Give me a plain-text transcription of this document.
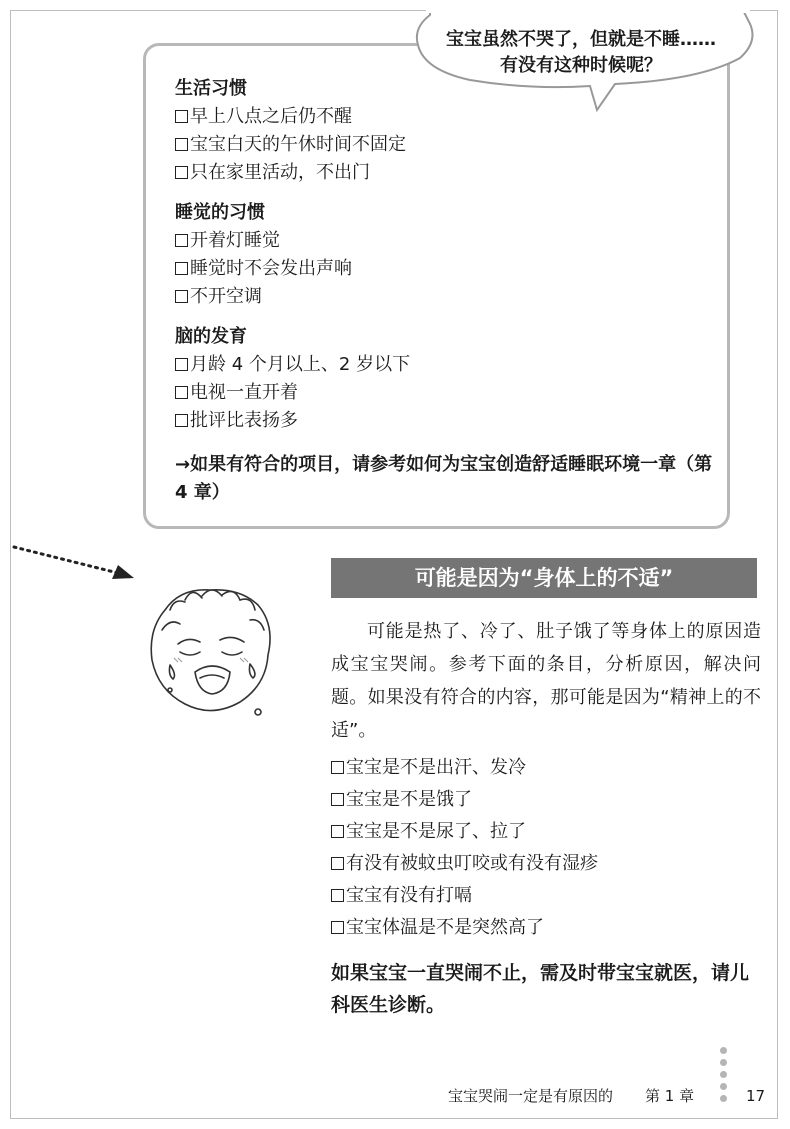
宝宝虽然不哭了，但就是不睡……
有没有这种时候呢？
生活习惯
早上八点之后仍不醒
宝宝白天的午休时间不固定
只在家里活动，不出门
睡觉的习惯
开着灯睡觉
睡觉时不会发出声响
不开空调
脑的发育
月龄 4 个月以上、2 岁以下
电视一直开着
批评比表扬多
→如果有符合的项目，请参考如何为宝宝创造舒适睡眠环境一章（第 4 章）
可能是因为“身体上的不适”
可能是热了、冷了、肚子饿了等身体上的原因造成宝宝哭闹。参考下面的条目，分析原因，解决问题。如果没有符合的内容，那可能是因为“精神上的不适”。
宝宝是不是出汗、发冷
宝宝是不是饿了
宝宝是不是尿了、拉了
有没有被蚊虫叮咬或有没有湿疹
宝宝有没有打嗝
宝宝体温是不是突然高了
如果宝宝一直哭闹不止，需及时带宝宝就医，请儿科医生诊断。
宝宝哭闹一定是有原因的 第 1 章	17
